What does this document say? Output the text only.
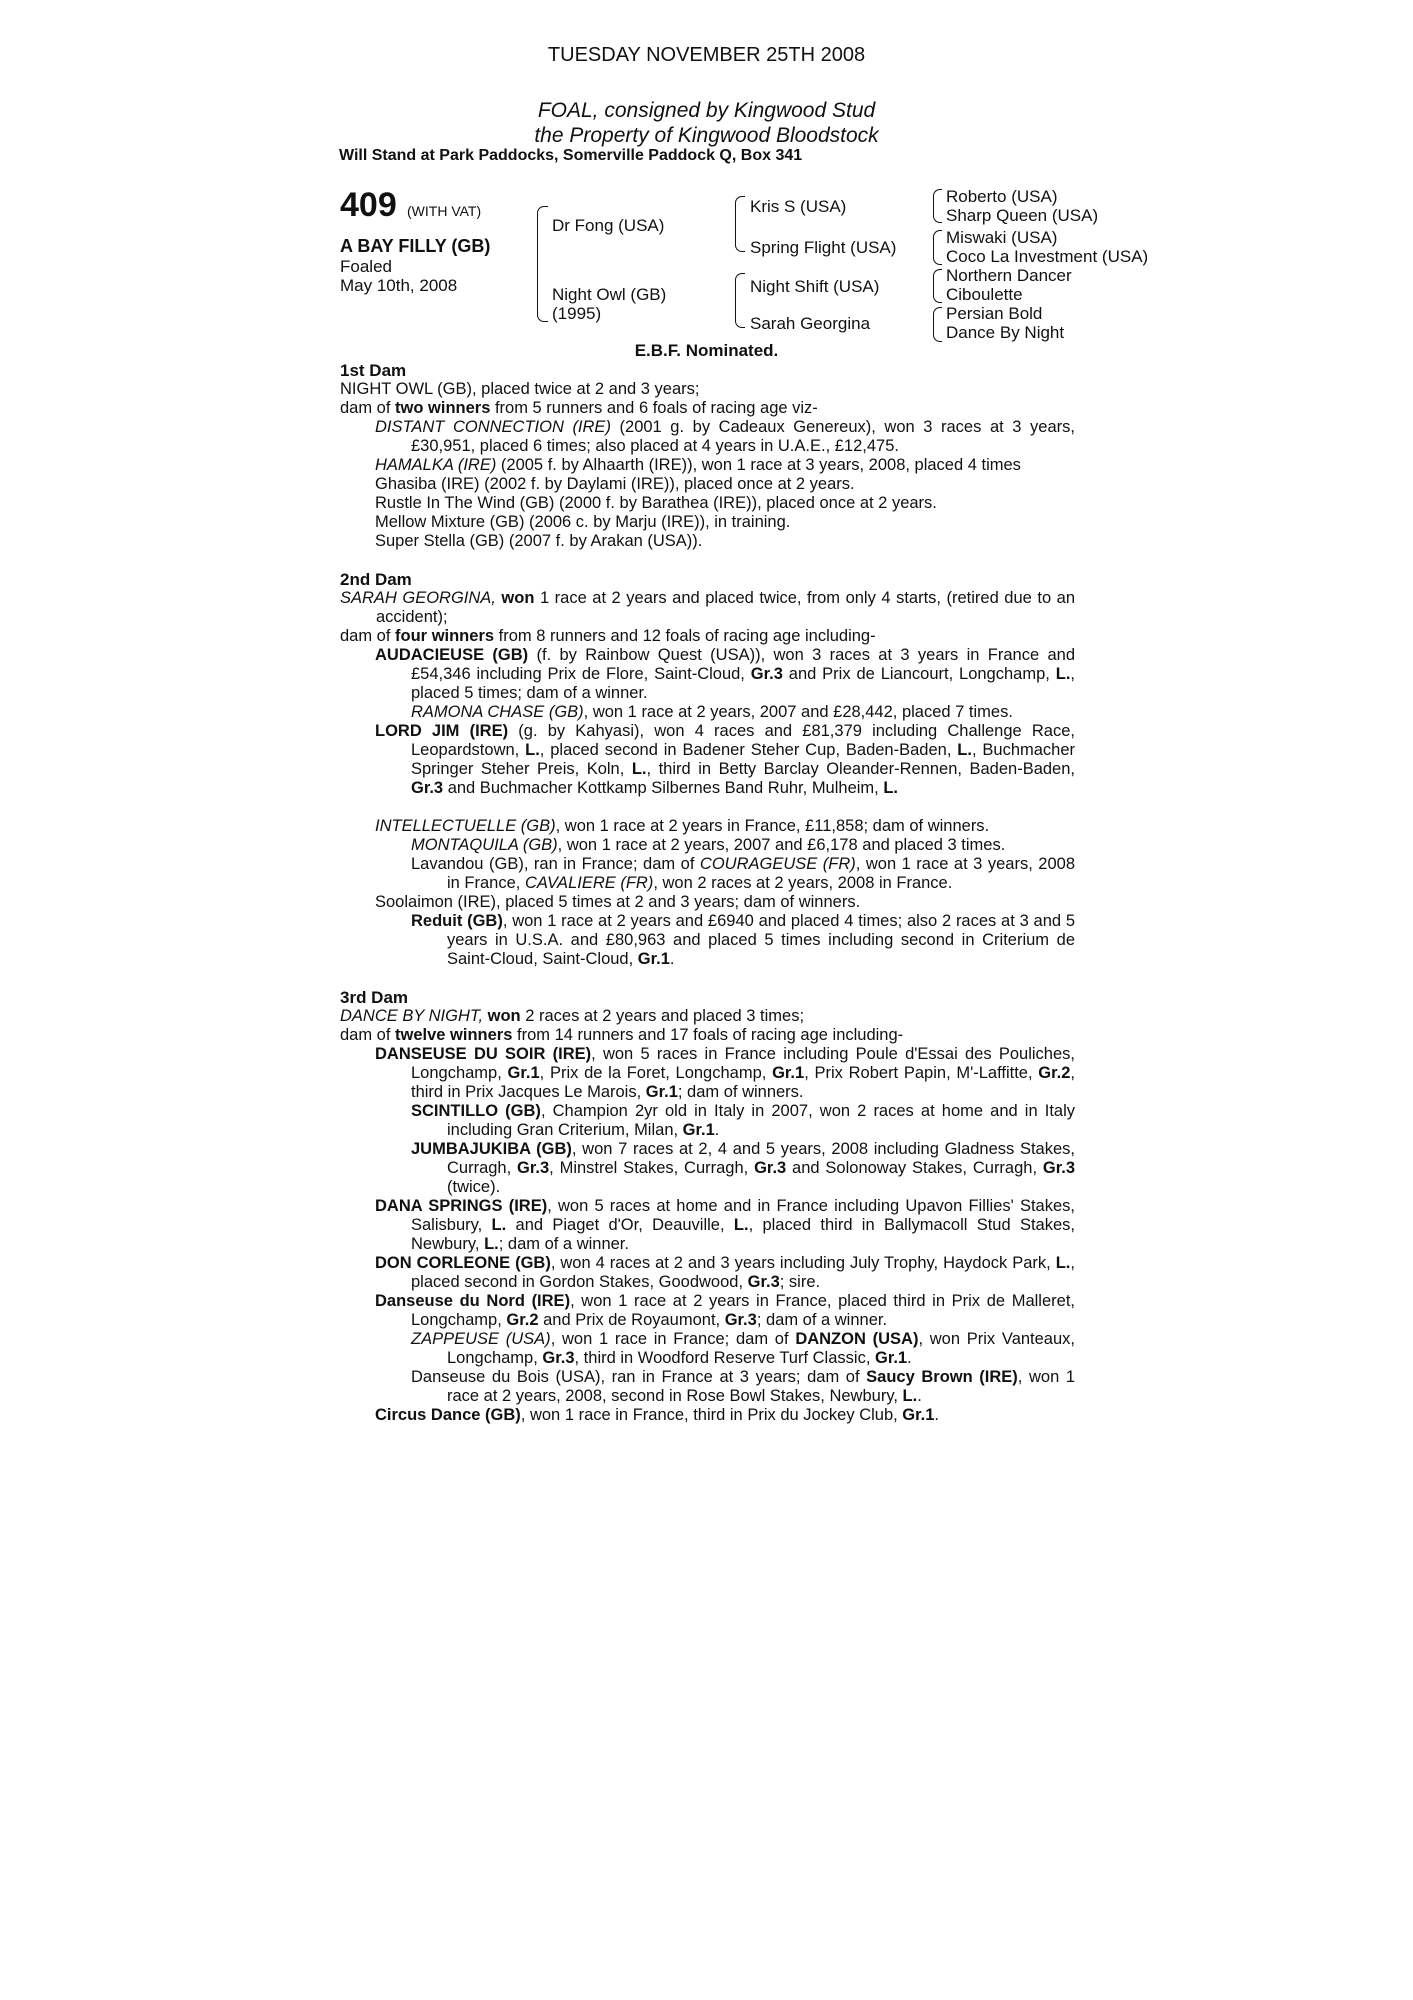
TUESDAY NOVEMBER 25TH 2008
FOAL, consigned by Kingwood Stud
the Property of Kingwood Bloodstock
Will Stand at Park Paddocks, Somerville Paddock Q, Box 341
409 (WITH VAT)
A BAY FILLY (GB)
Foaled
May 10th, 2008
Dr Fong (USA)
Night Owl (GB)
(1995)
Kris S (USA)
Spring Flight (USA)
Night Shift (USA)
Sarah Georgina
Roberto (USA)
Sharp Queen (USA)
Miswaki (USA)
Coco La Investment (USA)
Northern Dancer
Ciboulette
Persian Bold
Dance By Night
E.B.F. Nominated.
1st Dam
NIGHT OWL (GB), placed twice at 2 and 3 years;
dam of two winners from 5 runners and 6 foals of racing age viz-
DISTANT CONNECTION (IRE) (2001 g. by Cadeaux Genereux), won 3 races at 3 years, £30,951, placed 6 times; also placed at 4 years in U.A.E., £12,475.
HAMALKA (IRE) (2005 f. by Alhaarth (IRE)), won 1 race at 3 years, 2008, placed 4 times
Ghasiba (IRE) (2002 f. by Daylami (IRE)), placed once at 2 years.
Rustle In The Wind (GB) (2000 f. by Barathea (IRE)), placed once at 2 years.
Mellow Mixture (GB) (2006 c. by Marju (IRE)), in training.
Super Stella (GB) (2007 f. by Arakan (USA)).
2nd Dam
SARAH GEORGINA, won 1 race at 2 years and placed twice, from only 4 starts, (retired due to an accident);
dam of four winners from 8 runners and 12 foals of racing age including-
AUDACIEUSE (GB) (f. by Rainbow Quest (USA)), won 3 races at 3 years in France and £54,346 including Prix de Flore, Saint-Cloud, Gr.3 and Prix de Liancourt, Longchamp, L., placed 5 times; dam of a winner.
RAMONA CHASE (GB), won 1 race at 2 years, 2007 and £28,442, placed 7 times.
LORD JIM (IRE) (g. by Kahyasi), won 4 races and £81,379 including Challenge Race, Leopardstown, L., placed second in Badener Steher Cup, Baden-Baden, L., Buchmacher Springer Steher Preis, Koln, L., third in Betty Barclay Oleander-Rennen, Baden-Baden, Gr.3 and Buchmacher Kottkamp Silbernes Band Ruhr, Mulheim, L.
INTELLECTUELLE (GB), won 1 race at 2 years in France, £11,858; dam of winners.
MONTAQUILA (GB), won 1 race at 2 years, 2007 and £6,178 and placed 3 times.
Lavandou (GB), ran in France; dam of COURAGEUSE (FR), won 1 race at 3 years, 2008 in France, CAVALIERE (FR), won 2 races at 2 years, 2008 in France.
Soolaimon (IRE), placed 5 times at 2 and 3 years; dam of winners.
Reduit (GB), won 1 race at 2 years and £6940 and placed 4 times; also 2 races at 3 and 5 years in U.S.A. and £80,963 and placed 5 times including second in Criterium de Saint-Cloud, Saint-Cloud, Gr.1.
3rd Dam
DANCE BY NIGHT, won 2 races at 2 years and placed 3 times;
dam of twelve winners from 14 runners and 17 foals of racing age including-
DANSEUSE DU SOIR (IRE), won 5 races in France including Poule d'Essai des Pouliches, Longchamp, Gr.1, Prix de la Foret, Longchamp, Gr.1, Prix Robert Papin, M'-Laffitte, Gr.2, third in Prix Jacques Le Marois, Gr.1; dam of winners.
SCINTILLO (GB), Champion 2yr old in Italy in 2007, won 2 races at home and in Italy including Gran Criterium, Milan, Gr.1.
JUMBAJUKIBA (GB), won 7 races at 2, 4 and 5 years, 2008 including Gladness Stakes, Curragh, Gr.3, Minstrel Stakes, Curragh, Gr.3 and Solonoway Stakes, Curragh, Gr.3 (twice).
DANA SPRINGS (IRE), won 5 races at home and in France including Upavon Fillies' Stakes, Salisbury, L. and Piaget d'Or, Deauville, L., placed third in Ballymacoll Stud Stakes, Newbury, L.; dam of a winner.
DON CORLEONE (GB), won 4 races at 2 and 3 years including July Trophy, Haydock Park, L., placed second in Gordon Stakes, Goodwood, Gr.3; sire.
Danseuse du Nord (IRE), won 1 race at 2 years in France, placed third in Prix de Malleret, Longchamp, Gr.2 and Prix de Royaumont, Gr.3; dam of a winner.
ZAPPEUSE (USA), won 1 race in France; dam of DANZON (USA), won Prix Vanteaux, Longchamp, Gr.3, third in Woodford Reserve Turf Classic, Gr.1.
Danseuse du Bois (USA), ran in France at 3 years; dam of Saucy Brown (IRE), won 1 race at 2 years, 2008, second in Rose Bowl Stakes, Newbury, L..
Circus Dance (GB), won 1 race in France, third in Prix du Jockey Club, Gr.1.
